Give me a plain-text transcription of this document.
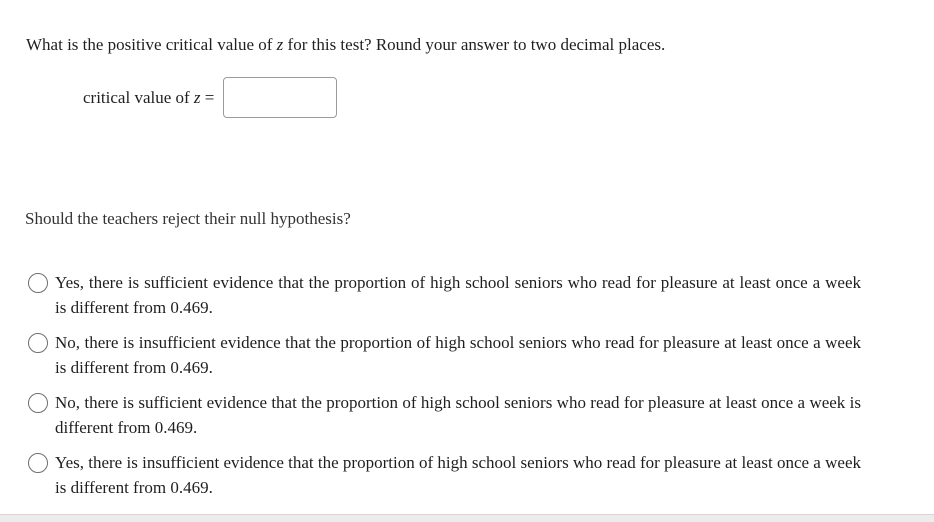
What is the positive critical value of z for this test? Round your answer to two decimal places.
critical value of z =
Should the teachers reject their null hypothesis?
Yes, there is sufficient evidence that the proportion of high school seniors who read for pleasure at least once a week is different from 0.469.
No, there is insufficient evidence that the proportion of high school seniors who read for pleasure at least once a week is different from 0.469.
No, there is sufficient evidence that the proportion of high school seniors who read for pleasure at least once a week is different from 0.469.
Yes, there is insufficient evidence that the proportion of high school seniors who read for pleasure at least once a week is different from 0.469.
